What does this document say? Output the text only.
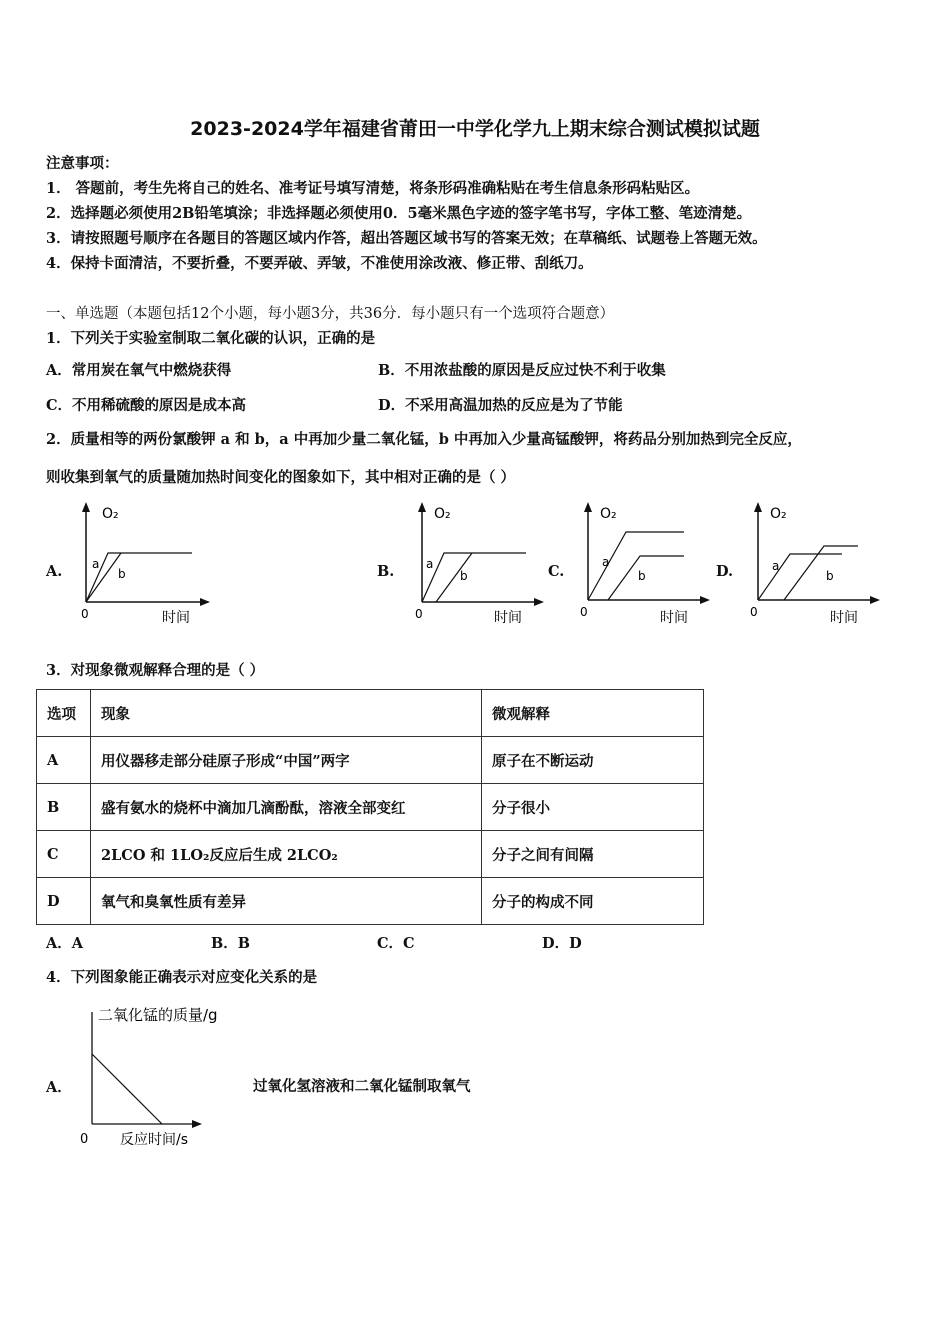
2023-2024学年福建省莆田一中学化学九上期末综合测试模拟试题
注意事项：
1． 答题前，考生先将自己的姓名、准考证号填写清楚，将条形码准确粘贴在考生信息条形码粘贴区。
2．选择题必须使用2B铅笔填涂；非选择题必须使用0．5毫米黑色字迹的签字笔书写，字体工整、笔迹清楚。
3．请按照题号顺序在各题目的答题区域内作答，超出答题区域书写的答案无效；在草稿纸、试题卷上答题无效。
4．保持卡面清洁，不要折叠，不要弄破、弄皱，不准使用涂改液、修正带、刮纸刀。
一、单选题（本题包括12个小题，每小题3分，共36分．每小题只有一个选项符合题意）
1．下列关于实验室制取二氧化碳的认识，正确的是
A．常用炭在氧气中燃烧获得	B．不用浓盐酸的原因是反应过快不利于收集
C．不用稀硫酸的原因是成本高	D．不采用高温加热的反应是为了节能
2．质量相等的两份氯酸钾 a 和 b，a 中再加少量二氧化锰，b 中再加入少量高锰酸钾，将药品分别加热到完全反应，
则收集到氧气的质量随加热时间变化的图象如下，其中相对正确的是（ ）
A.	B.	C.	D.
O₂
a
b
0	时间
O₂
a
b
0	时间
O₂
a
b
0	时间
O₂
a
b
0	时间
3．对现象微观解释合理的是（ ）
选项	现象	微观解释
A	用仪器移走部分硅原子形成“中国”两字	原子在不断运动
B	盛有氨水的烧杯中滴加几滴酚酞，溶液全部变红	分子很小
C	2LCO 和 1LO₂反应后生成 2LCO₂	分子之间有间隔
D	氧气和臭氧性质有差异	分子的构成不同
A．A	B．B	C．C	D．D
4．下列图象能正确表示对应变化关系的是
A．
二氧化锰的质量/g
0 反应时间/s
过氧化氢溶液和二氧化锰制取氧气
